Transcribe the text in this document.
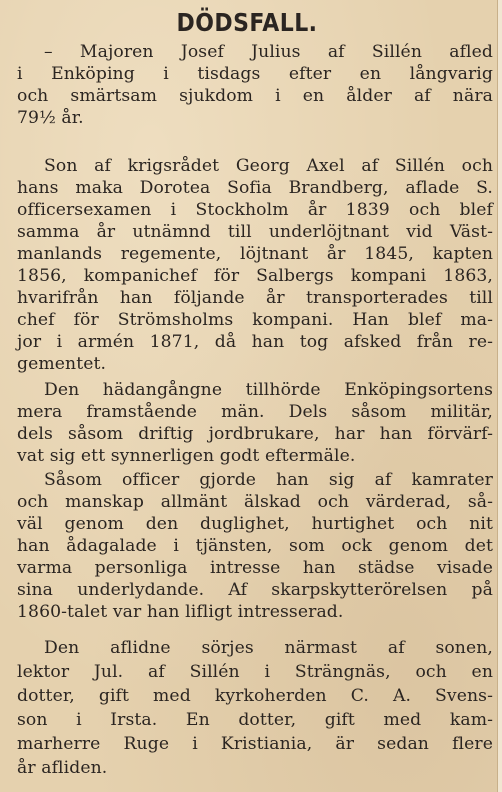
DÖDSFALL.
– Majoren Josef Julius af Sillén afled
i Enköping i tisdags efter en långvarig
och smärtsam sjukdom i en ålder af nära
79½ år.
Son af krigsrådet Georg Axel af Sillén och
hans maka Dorotea Sofia Brandberg, aflade S.
officersexamen i Stockholm år 1839 och blef
samma år utnämnd till underlöjtnant vid Väst-
manlands regemente, löjtnant år 1845, kapten
1856, kompanichef för Salbergs kompani 1863,
hvarifrån han följande år transporterades till
chef för Strömsholms kompani. Han blef ma-
jor i armén 1871, då han tog afsked från re-
gementet.
Den hädangångne tillhörde Enköpingsortens
mera framstående män. Dels såsom militär,
dels såsom driftig jordbrukare, har han förvärf-
vat sig ett synnerligen godt eftermäle.
Såsom officer gjorde han sig af kamrater
och manskap allmänt älskad och värderad, så-
väl genom den duglighet, hurtighet och nit
han ådagalade i tjänsten, som ock genom det
varma personliga intresse han städse visade
sina underlydande. Af skarpskytterörelsen på
1860-talet var han lifligt intresserad.
Den aflidne sörjes närmast af sonen,
lektor Jul. af Sillén i Strängnäs, och en
dotter, gift med kyrkoherden C. A. Svens-
son i Irsta. En dotter, gift med kam-
marherre Ruge i Kristiania, är sedan flere
år afliden.
